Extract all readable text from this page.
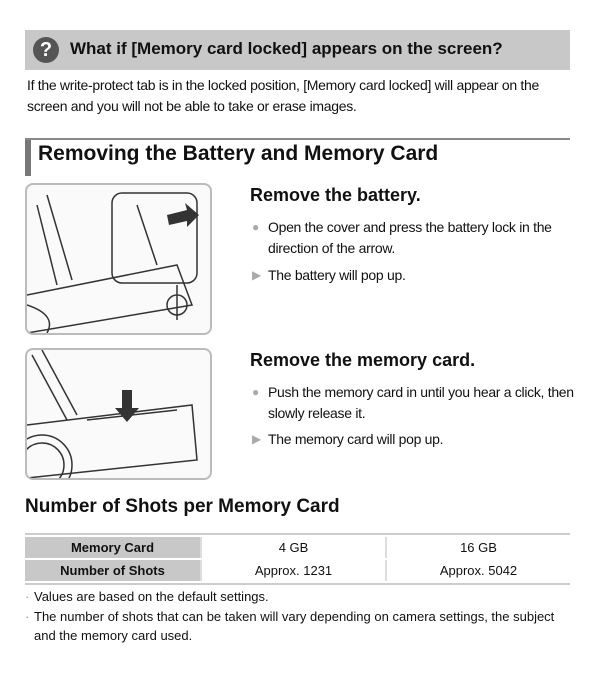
?	What if [Memory card locked] appears on the screen?
If the write-protect tab is in the locked position, [Memory card locked] will appear on the screen and you will not be able to take or erase images.
Removing the Battery and Memory Card
Remove the battery.
● Open the cover and press the battery lock in the direction of the arrow.
▶ The battery will pop up.
Remove the memory card.
● Push the memory card in until you hear a click, then slowly release it.
▶ The memory card will pop up.
Number of Shots per Memory Card
Memory Card	4 GB	16 GB
Number of Shots	Approx. 1231	Approx. 5042
· Values are based on the default settings.
· The number of shots that can be taken will vary depending on camera settings, the subject and the memory card used.
